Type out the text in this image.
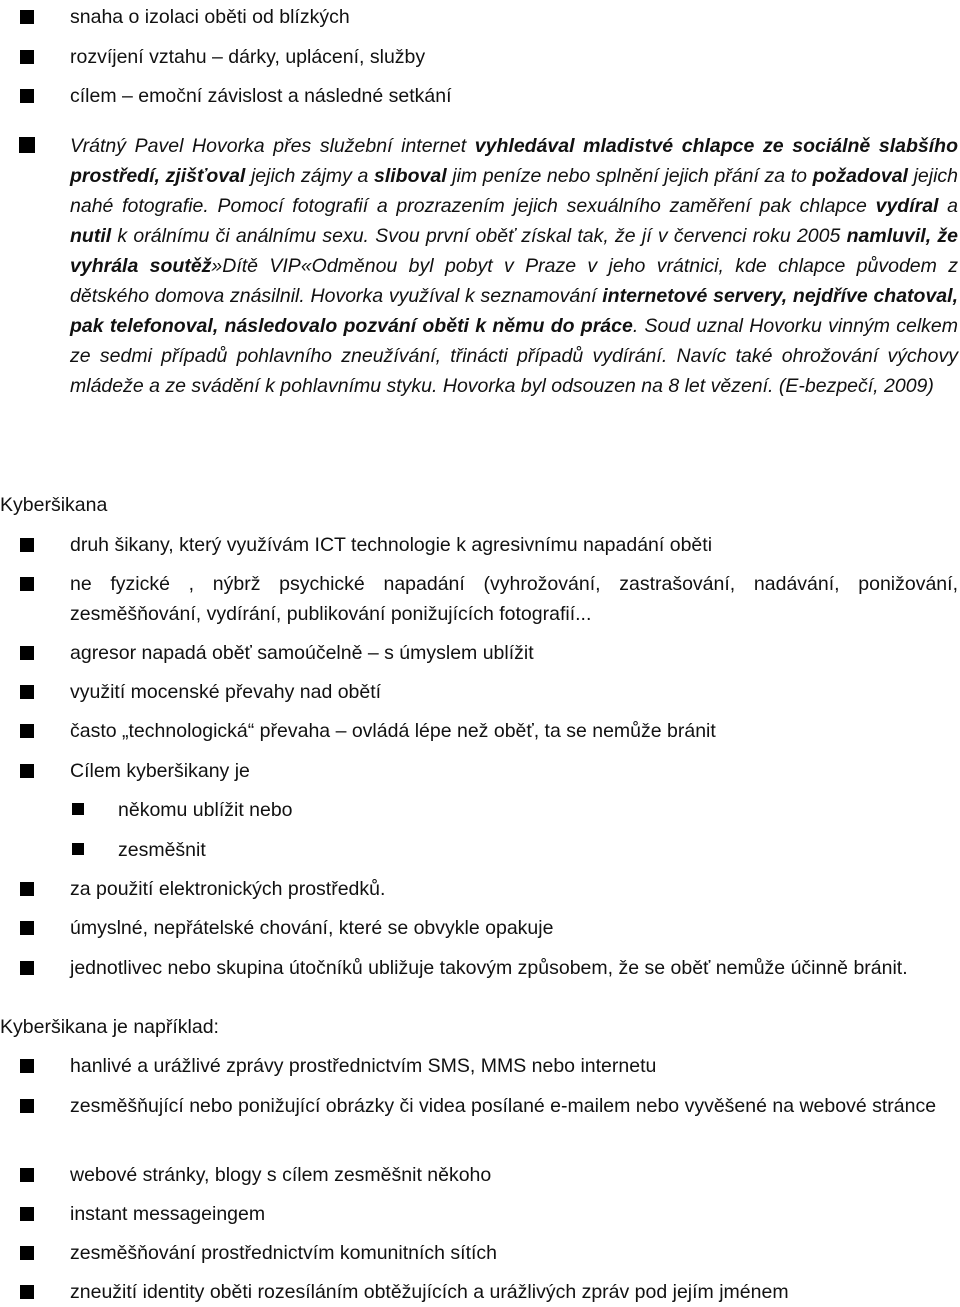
snaha o izolaci oběti od blízkých
rozvíjení vztahu – dárky, uplácení, služby
cílem – emoční závislost a následné setkání
Vrátný Pavel Hovorka přes služební internet vyhledával mladistvé chlapce ze sociálně slabšího prostředí, zjišťoval jejich zájmy a sliboval jim peníze nebo splnění jejich přání za to požadoval jejich nahé fotografie. Pomocí fotografií a prozrazením jejich sexuálního zaměření pak chlapce vydíral a nutil k orálnímu či análnímu sexu. Svou první oběť získal tak, že jí v červenci roku 2005 namluvil, že vyhrála soutěž»Dítě VIP«Odměnou byl pobyt v Praze v jeho vrátnici, kde chlapce původem z dětského domova znásilnil. Hovorka využíval k seznamování internetové servery, nejdříve chatoval, pak telefonoval, následovalo pozvání oběti k němu do práce. Soud uznal Hovorku vinným celkem ze sedmi případů pohlavního zneužívání, třinácti případů vydírání. Navíc také ohrožování výchovy mládeže a ze svádění k pohlavnímu styku. Hovorka byl odsouzen na 8 let vězení. (E-bezpečí, 2009)
Kyberšikana
druh šikany, který využívám ICT technologie k agresivnímu napadání oběti
ne fyzické , nýbrž psychické napadání (vyhrožování, zastrašování, nadávání, ponižování, zesměšňování, vydírání, publikování ponižujících fotografií...
agresor napadá oběť samoúčelně – s úmyslem ublížit
využití mocenské převahy nad obětí
často „technologická“ převaha – ovládá lépe než oběť, ta se nemůže bránit
Cílem kyberšikany je
někomu ublížit nebo
zesměšnit
za použití elektronických prostředků.
úmyslné, nepřátelské chování, které se obvykle opakuje
jednotlivec nebo skupina útočníků ubližuje takovým způsobem, že se oběť nemůže účinně bránit.
Kyberšikana je například:
hanlivé a urážlivé zprávy prostřednictvím SMS, MMS nebo internetu
zesměšňující nebo ponižující obrázky či videa posílané e-mailem nebo vyvěšené na webové stránce
webové stránky, blogy s cílem zesměšnit někoho
instant messageingem
zesměšňování prostřednictvím komunitních sítích
zneužití identity oběti rozesíláním obtěžujících a urážlivých zpráv pod jejím jménem
